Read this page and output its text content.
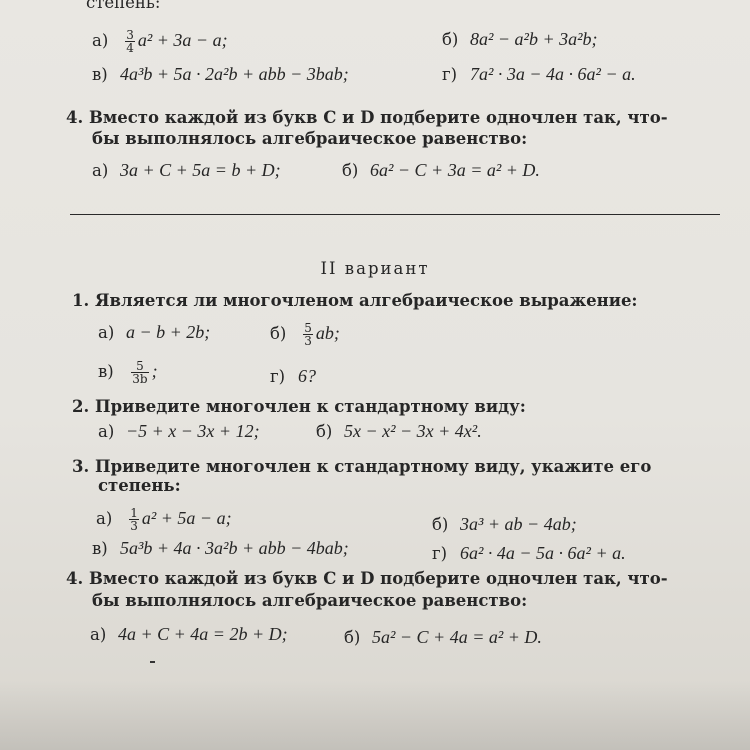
степень:
$а) \frac{3}{4} a^2 + 3a - a$;	б) 8a² − a²b + 3a²b;
в) 4a³b + 5a · 2a²b + abb − 3bab;	г) 7a² · 3a − 4a · 6a² − a.
4. Вместо каждой из букв C и D подберите одночлен так, что-
бы выполнялось алгебраическое равенство:
а) 3a + C + 5a = b + D;	б) 6a² − C + 3a = a² + D.
II вариант
1. Является ли многочленом алгебраическое выражение:
а) a − b + 2b;	$б) \frac{5}{3}$ ab;
$в) \frac{5}{3b}$ ;	г) 6?
2. Приведите многочлен к стандартному виду:
а) −5 + x − 3x + 12;	б) 5x − x² − 3x + 4x².
3. Приведите многочлен к стандартному виду, укажите его
степень:
$а) \frac{1}{3} a^2 + 5a - a$;	б) 3a³ + ab − 4ab;
в) 5a³b + 4a · 3a²b + abb − 4bab;	г) 6a² · 4a − 5a · 6a² + a.
4. Вместо каждой из букв C и D подберите одночлен так, что-
бы выполнялось алгебраическое равенство:
а) 4a + C + 4a = 2b + D;	б) 5a² − C + 4a = a² + D.
